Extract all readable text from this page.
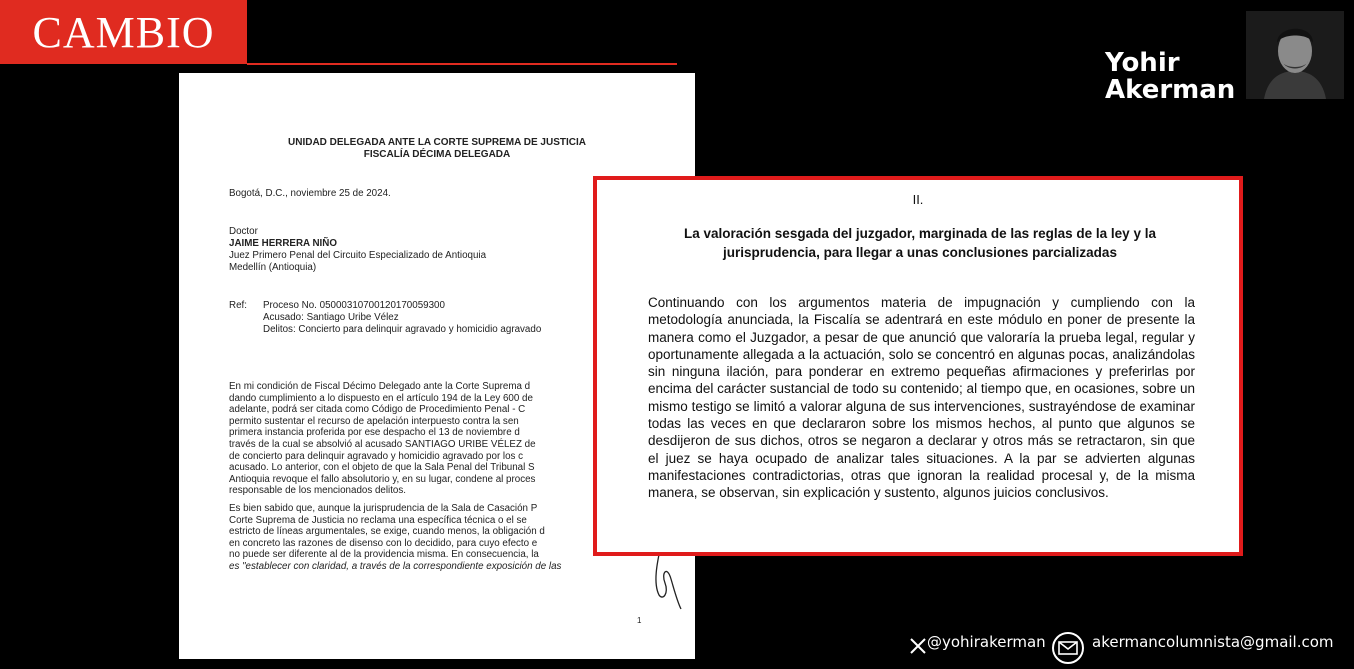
CAMBIO
Yohir
Akerman
UNIDAD DELEGADA ANTE LA CORTE SUPREMA DE JUSTICIA
FISCALÍA DÉCIMA DELEGADA
Bogotá, D.C., noviembre 25 de 2024.
Doctor
JAIME HERRERA NIÑO
Juez Primero Penal del Circuito Especializado de Antioquia
Medellín (Antioquia)
Ref: Proceso No. 05000310700120170059300
Acusado: Santiago Uribe Vélez
Delitos: Concierto para delinquir agravado y homicidio agravado
En mi condición de Fiscal Décimo Delegado ante la Corte Suprema d
dando cumplimiento a lo dispuesto en el artículo 194 de la Ley 600 de
adelante, podrá ser citada como Código de Procedimiento Penal - C
permito sustentar el recurso de apelación interpuesto contra la sen
primera instancia proferida por ese despacho el 13 de noviembre d
través de la cual se absolvió al acusado SANTIAGO URIBE VÉLEZ de
de concierto para delinquir agravado y homicidio agravado por los c
acusado. Lo anterior, con el objeto de que la Sala Penal del Tribunal S
Antioquia revoque el fallo absolutorio y, en su lugar, condene al proces
responsable de los mencionados delitos.
Es bien sabido que, aunque la jurisprudencia de la Sala de Casación P
Corte Suprema de Justicia no reclama una específica técnica o el se
estricto de líneas argumentales, se exige, cuando menos, la obligación d
en concreto las razones de disenso con lo decidido, para cuyo efecto e
no puede ser diferente al de la providencia misma. En consecuencia, la
es "establecer con claridad, a través de la correspondiente exposición de las
1
II.
La valoración sesgada del juzgador, marginada de las reglas de la ley y la jurisprudencia, para llegar a unas conclusiones parcializadas
Continuando con los argumentos materia de impugnación y cumpliendo con la metodología anunciada, la Fiscalía se adentrará en este módulo en poner de presente la manera como el Juzgador, a pesar de que anunció que valoraría la prueba legal, regular y oportunamente allegada a la actuación, solo se concentró en algunas pocas, analizándolas sin ninguna ilación, para ponderar en extremo pequeñas afirmaciones y preferirlas por encima del carácter sustancial de todo su contenido; al tiempo que, en ocasiones, sobre un mismo testigo se limitó a valorar alguna de sus intervenciones, sustrayéndose de examinar todas las veces en que declararon sobre los mismos hechos, al punto que algunos se desdijeron de sus dichos, otros se negaron a declarar y otros más se retractaron, sin que el juez se haya ocupado de analizar tales situaciones. A la par se advierten algunas manifestaciones contradictorias, otras que ignoran la realidad procesal y, de la misma manera, se observan, sin explicación y sustento, algunos juicios conclusivos.
@yohirakerman	akermancolumnista@gmail.com
